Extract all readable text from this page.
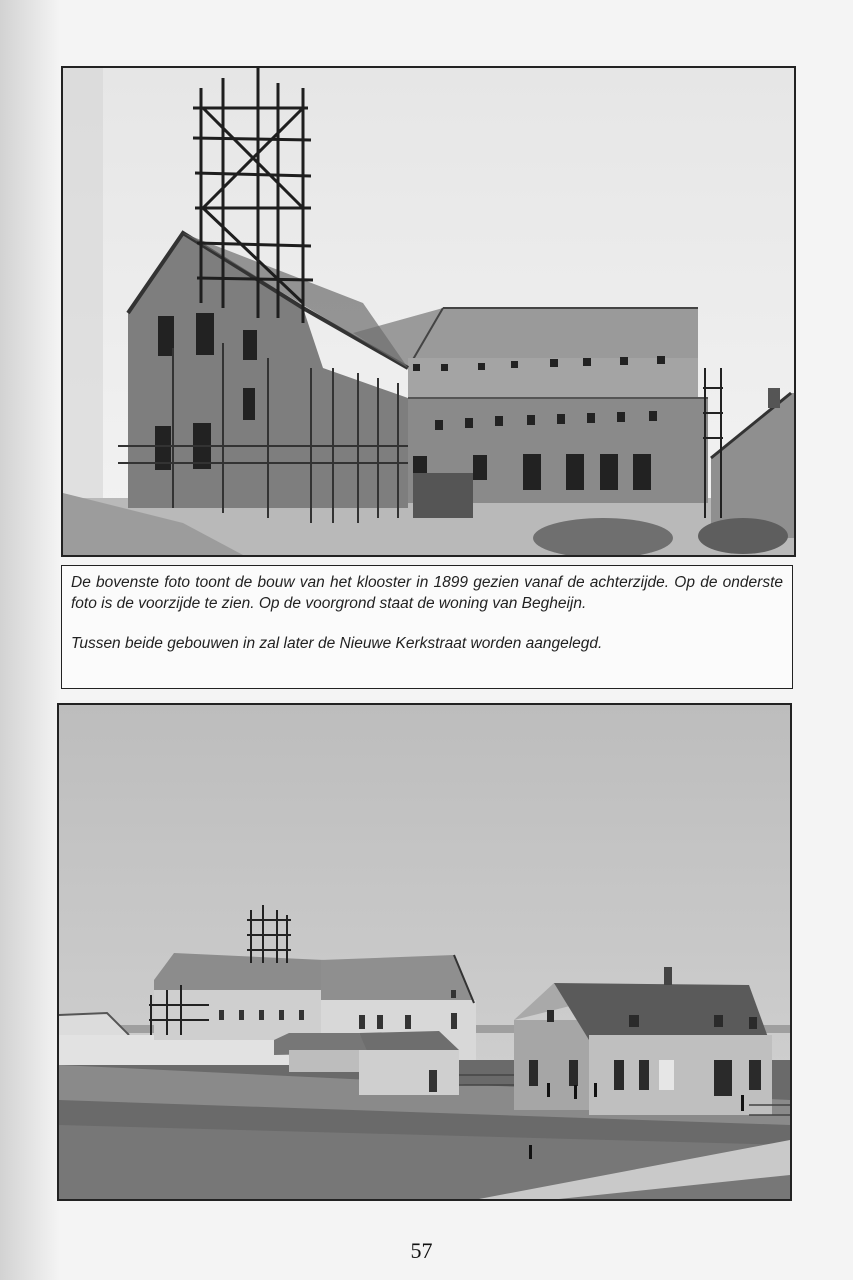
De bovenste foto toont de bouw van het klooster in 1899 gezien vanaf de achterzijde. Op de onderste foto is de voorzijde te zien. Op de voorgrond staat de woning van Begheijn.

Tussen beide gebouwen in zal later de Nieuwe Kerkstraat worden aangelegd.

57
